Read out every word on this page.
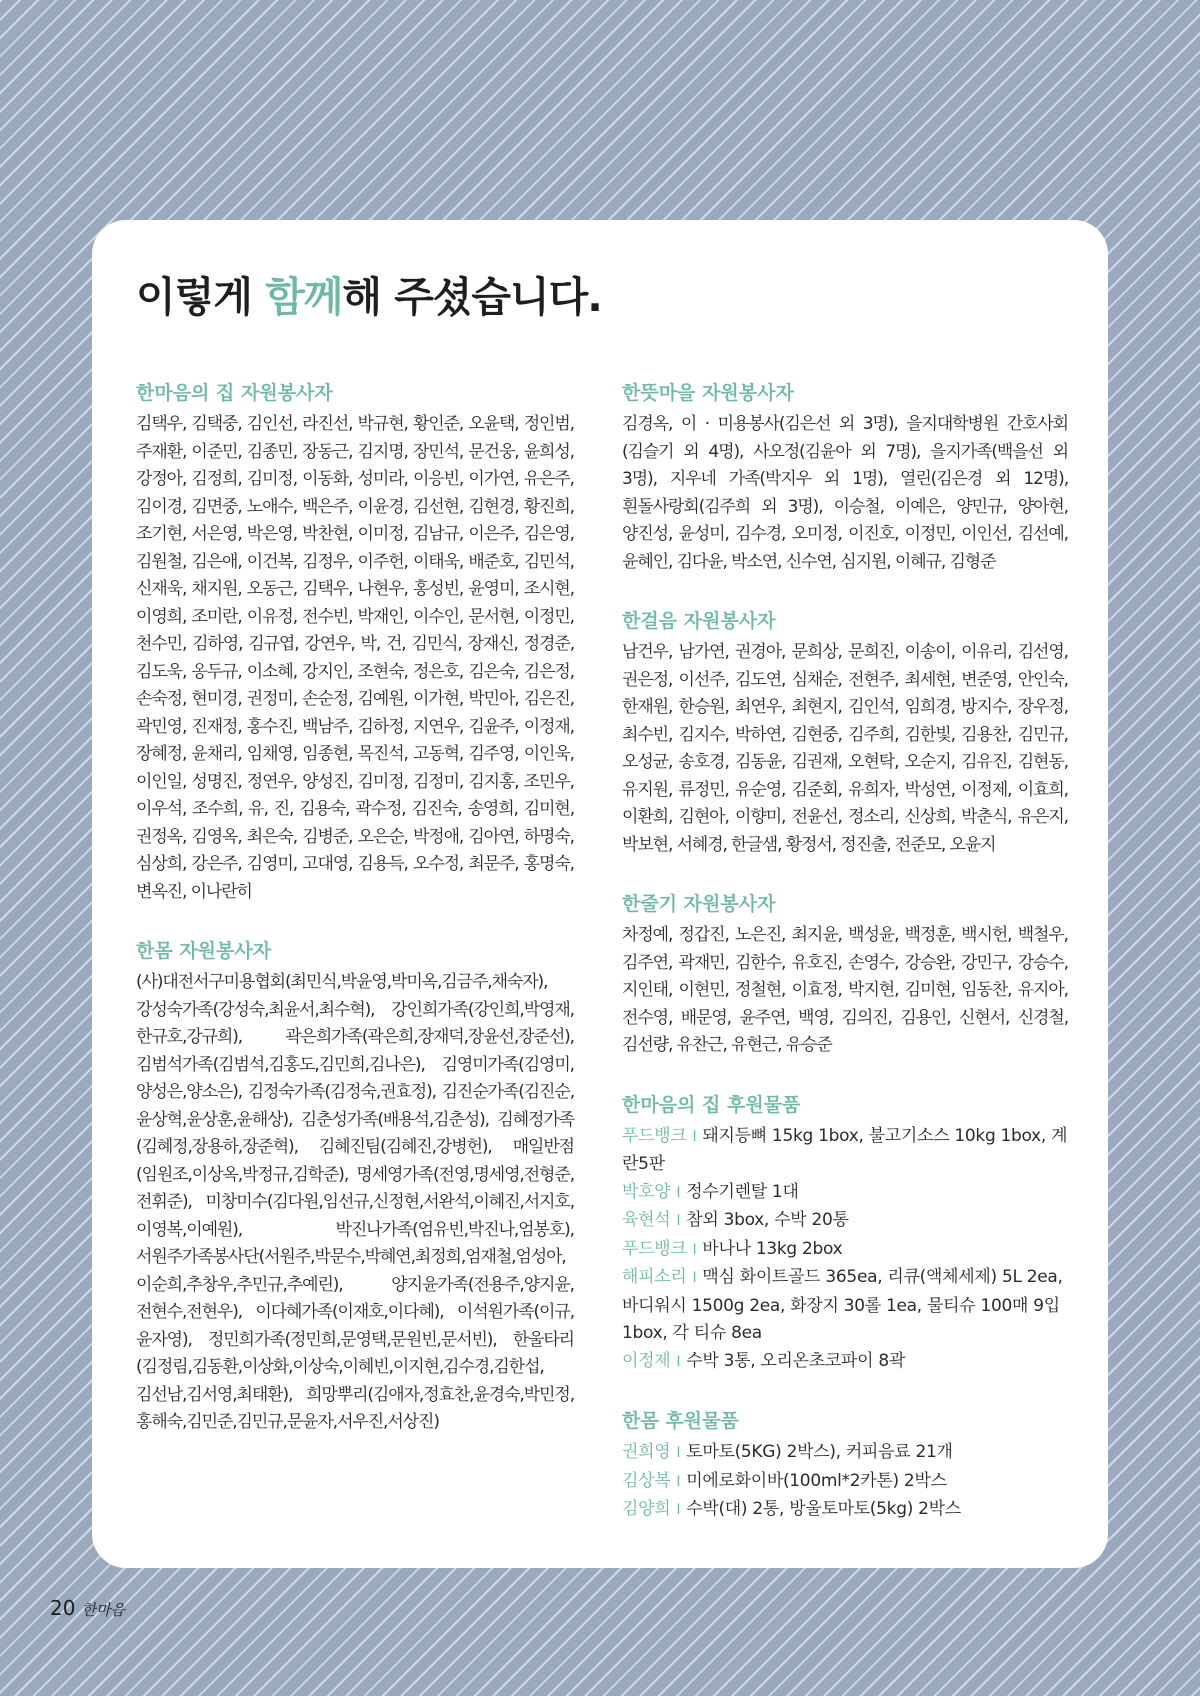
이렇게 함께해 주셨습니다.
한마음의 집 자원봉사자

김택우, 김택중, 김인선, 라진선, 박규현, 황인준, 오윤택, 정인범, 주재환, 이준민, 김종민, 장동근, 김지명, 장민석, 문건웅, 윤희성, 강정아, 김정희, 김미정, 이동화, 성미라, 이응빈, 이가연, 유은주, 김이경, 김면중, 노애수, 백은주, 이윤경, 김선현, 김현경, 황진희, 조기현, 서은영, 박은영, 박찬현, 이미정, 김남규, 이은주, 김은영, 김원철, 김은애, 이건복, 김정우, 이주헌, 이태욱, 배준호, 김민석, 신재욱, 채지원, 오동근, 김택우, 나현우, 홍성빈, 윤영미, 조시현, 이영희, 조미란, 이유정, 전수빈, 박재인, 이수인, 문서현, 이정민, 천수민, 김하영, 김규엽, 강연우, 박, 건, 김민식, 장재신, 정경준, 김도욱, 옹두규, 이소혜, 강지인, 조현숙, 정은호, 김은숙, 김은정, 손숙정, 현미경, 권정미, 손순정, 김예원, 이가현, 박민아, 김은진, 곽민영, 진재정, 홍수진, 백남주, 김하정, 지연우, 김윤주, 이정재, 장혜정, 윤채리, 임채영, 임종현, 목진석, 고동혁, 김주영, 이인욱, 이인일, 성명진, 정연우, 양성진, 김미정, 김정미, 김지홍, 조민우, 이우석, 조수희, 유, 진, 김용숙, 곽수정, 김진숙, 송영희, 김미현, 권정옥, 김영옥, 최은숙, 김병준, 오은순, 박정애, 김아연, 하명숙, 심상희, 강은주, 김영미, 고대영, 김용득, 오수정, 최문주, 홍명숙, 변옥진, 이나란히

한몸 자원봉사자

(사)대전서구미용협회(최민식,박윤영,박미옥,김금주,채숙자), 강성숙가족(강성숙,최윤서,최수혁), 강인희가족(강인희,박영재,한규호,강규희), 곽은희가족(곽은희,장재덕,장윤선,장준선), 김범석가족(김범석,김홍도,김민희,김나은), 김영미가족(김영미,양성은,양소은), 김정숙가족(김정숙,권효정), 김진순가족(김진순,윤상혁,윤상훈,윤해상), 김춘성가족(배용석,김춘성), 김혜정가족(김혜정,장용하,장준혁), 김혜진팀(김혜진,강병헌), 매일반점(임원조,이상옥,박정규,김학준), 명세영가족(전영,명세영,전형준,전휘준), 미창미수(김다원,임선규,신정현,서완석,이혜진,서지호,이영복,이예원), 박진나가족(엄유빈,박진나,엄봉호), 서원주가족봉사단(서원주,박문수,박혜연,최정희,엄재철,엄성아,이순희,추창우,추민규,추예린), 양지윤가족(전용주,양지윤,전현수,전현우), 이다혜가족(이재호,이다혜), 이석원가족(이규,윤자영), 정민희가족(정민희,문영택,문원빈,문서빈), 한울타리(김정림,김동환,이상화,이상숙,이혜빈,이지현,김수경,김한섭,김선남,김서영,최태환), 희망뿌리(김애자,정효찬,윤경숙,박민정,홍해숙,김민준,김민규,문윤자,서우진,서상진)

한뜻마을 자원봉사자

김경옥, 이 · 미용봉사(김은선 외 3명), 을지대학병원 간호사회(김슬기 외 4명), 사오정(김윤아 외 7명), 을지가족(백을선 외 3명), 지우네 가족(박지우 외 1명), 열린(김은경 외 12명), 흰돌사랑회(김주희 외 3명), 이승철, 이예은, 양민규, 양아현, 양진성, 윤성미, 김수경, 오미정, 이진호, 이정민, 이인선, 김선예, 윤혜인, 김다윤, 박소연, 신수연, 심지원, 이혜규, 김형준

한걸음 자원봉사자

남건우, 남가연, 권경아, 문희상, 문희진, 이송이, 이유리, 김선영, 권은정, 이선주, 김도연, 심채순, 전현주, 최세현, 변준영, 안인숙, 한재원, 한승원, 최연우, 최현지, 김인석, 임희경, 방지수, 장우정, 최수빈, 김지수, 박하연, 김현중, 김주희, 김한빛, 김용찬, 김민규, 오성균, 송호경, 김동윤, 김권재, 오현탁, 오순지, 김유진, 김현동, 유지원, 류정민, 유순영, 김준회, 유희자, 박성연, 이정제, 이효희, 이환희, 김현아, 이향미, 전윤선, 정소리, 신상희, 박춘식, 유은지, 박보현, 서혜경, 한글샘, 황정서, 정진출, 전준모, 오윤지

한줄기 자원봉사자

차정예, 정갑진, 노은진, 최지윤, 백성윤, 백정훈, 백시헌, 백철우, 김주연, 곽재민, 김한수, 유호진, 손영수, 강승완, 강민구, 강승수, 지인태, 이현민, 정철현, 이효정, 박지현, 김미현, 임동찬, 유지아, 전수영, 배문영, 윤주연, 백영, 김의진, 김용인, 신현서, 신경철, 김선량, 유찬근, 유현근, 유승준

한마음의 집 후원물품
푸드뱅크 I 돼지등뼈 15kg 1box, 불고기소스 10kg 1box, 계란5판
박호양 I 정수기렌탈 1대
육현석 I 참외 3box, 수박 20통
푸드뱅크 I 바나나 13kg 2box
해피소리 I 맥심 화이트골드 365ea, 리큐(액체세제) 5L 2ea, 바디워시 1500g 2ea, 화장지 30롤 1ea, 물티슈 100매 9입 1box, 각 티슈 8ea
이정제 I 수박 3통, 오리온초코파이 8곽
한몸 후원물품
권희영 I 토마토(5KG) 2박스), 커피음료 21개
김상복 I 미에로화이바(100ml*2카톤) 2박스
김양희 I 수박(대) 2통, 방울토마토(5kg) 2박스
20 한마음
